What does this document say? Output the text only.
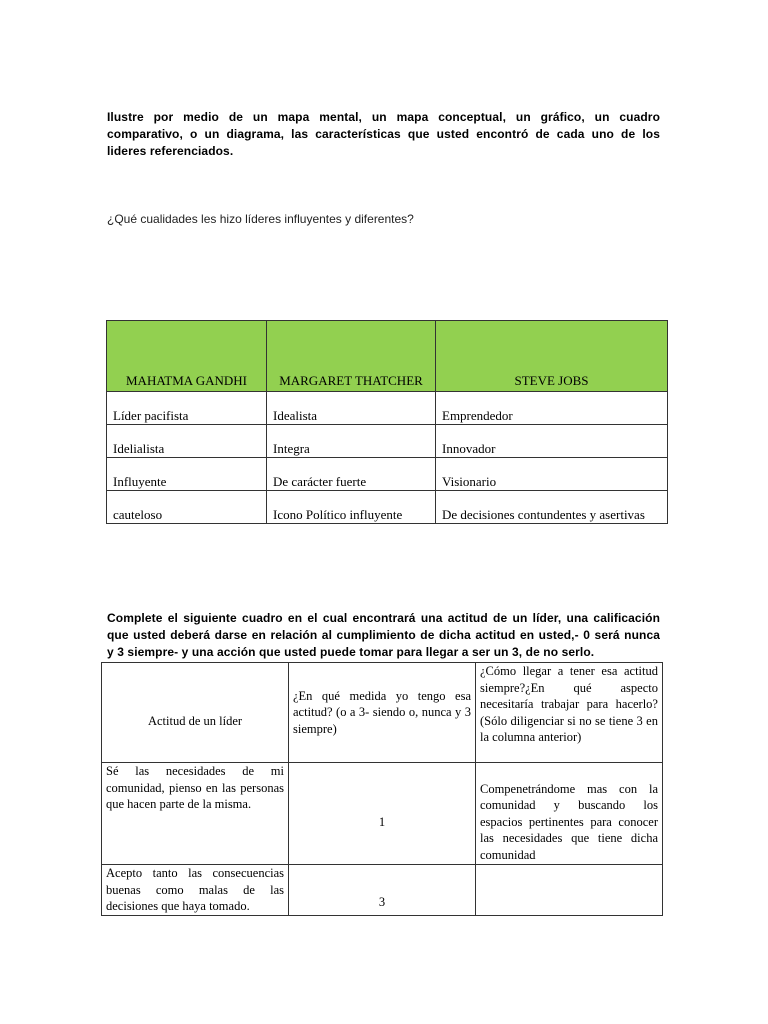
Ilustre por medio de un mapa mental, un mapa conceptual, un gráfico, un cuadro
comparativo, o un diagrama, las características que usted encontró de cada uno de los
lideres referenciados.
¿Qué cualidades les hizo líderes influyentes y diferentes?
MAHATMA GANDHI	MARGARET THATCHER	STEVE JOBS
Líder pacifista	Idealista	Emprendedor
Idelialista	Integra	Innovador
Influyente	De carácter fuerte	Visionario
cauteloso	Icono Político influyente	De decisiones contundentes y asertivas
Complete el siguiente cuadro en el cual encontrará una actitud de un líder, una calificación
que usted deberá darse en relación al cumplimiento de dicha actitud en usted,- 0 será nunca
y 3 siempre- y una acción que usted puede tomar para llegar a ser un 3, de no serlo.
Actitud de un líder	¿En qué medida yo tengo esa actitud? (o a 3- siendo o, nunca y 3 siempre)	¿Cómo llegar a tener esa actitud siempre?¿En qué aspecto necesitaría trabajar para hacerlo? (Sólo diligenciar si no se tiene 3 en la columna anterior)
Sé las necesidades de mi comunidad, pienso en las personas que hacen parte de la misma.	1	Compenetrándome mas con la comunidad y buscando los espacios pertinentes para conocer las necesidades que tiene dicha comunidad
Acepto tanto las consecuencias buenas como malas de las decisiones que haya tomado.	3	
